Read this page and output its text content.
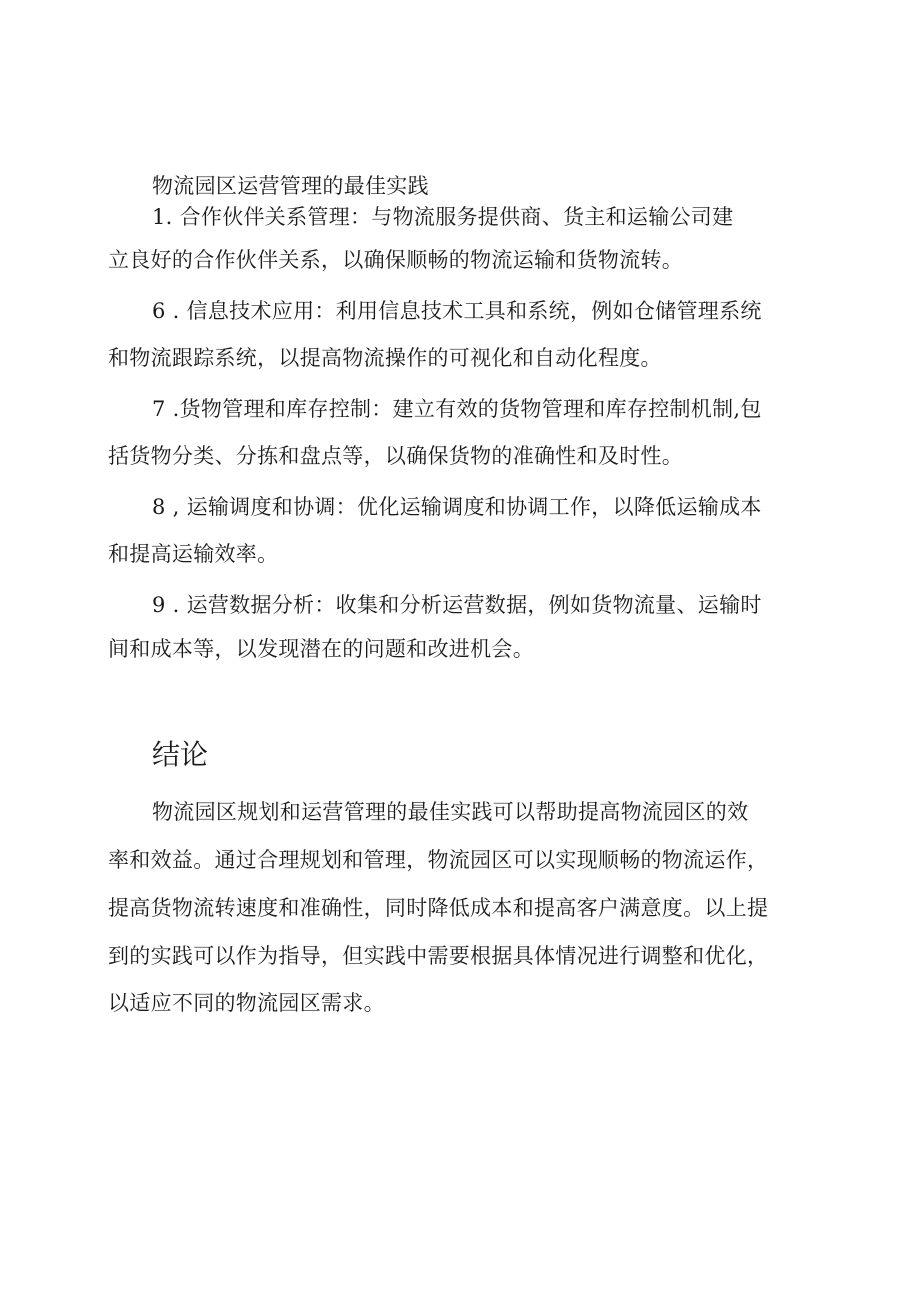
物流园区运营管理的最佳实践
1. 合作伙伴关系管理：与物流服务提供商、货主和运输公司建
立良好的合作伙伴关系，以确保顺畅的物流运输和货物流转。
6 . 信息技术应用：利用信息技术工具和系统，例如仓储管理系统
和物流跟踪系统，以提高物流操作的可视化和自动化程度。
7 .货物管理和库存控制：建立有效的货物管理和库存控制机制,包
括货物分类、分拣和盘点等，以确保货物的准确性和及时性。
8 , 运输调度和协调：优化运输调度和协调工作，以降低运输成本
和提高运输效率。
9 . 运营数据分析：收集和分析运营数据，例如货物流量、运输时
间和成本等，以发现潜在的问题和改进机会。
结论
物流园区规划和运营管理的最佳实践可以帮助提高物流园区的效
率和效益。通过合理规划和管理，物流园区可以实现顺畅的物流运作，
提高货物流转速度和准确性，同时降低成本和提高客户满意度。以上提
到的实践可以作为指导，但实践中需要根据具体情况进行调整和优化，
以适应不同的物流园区需求。
